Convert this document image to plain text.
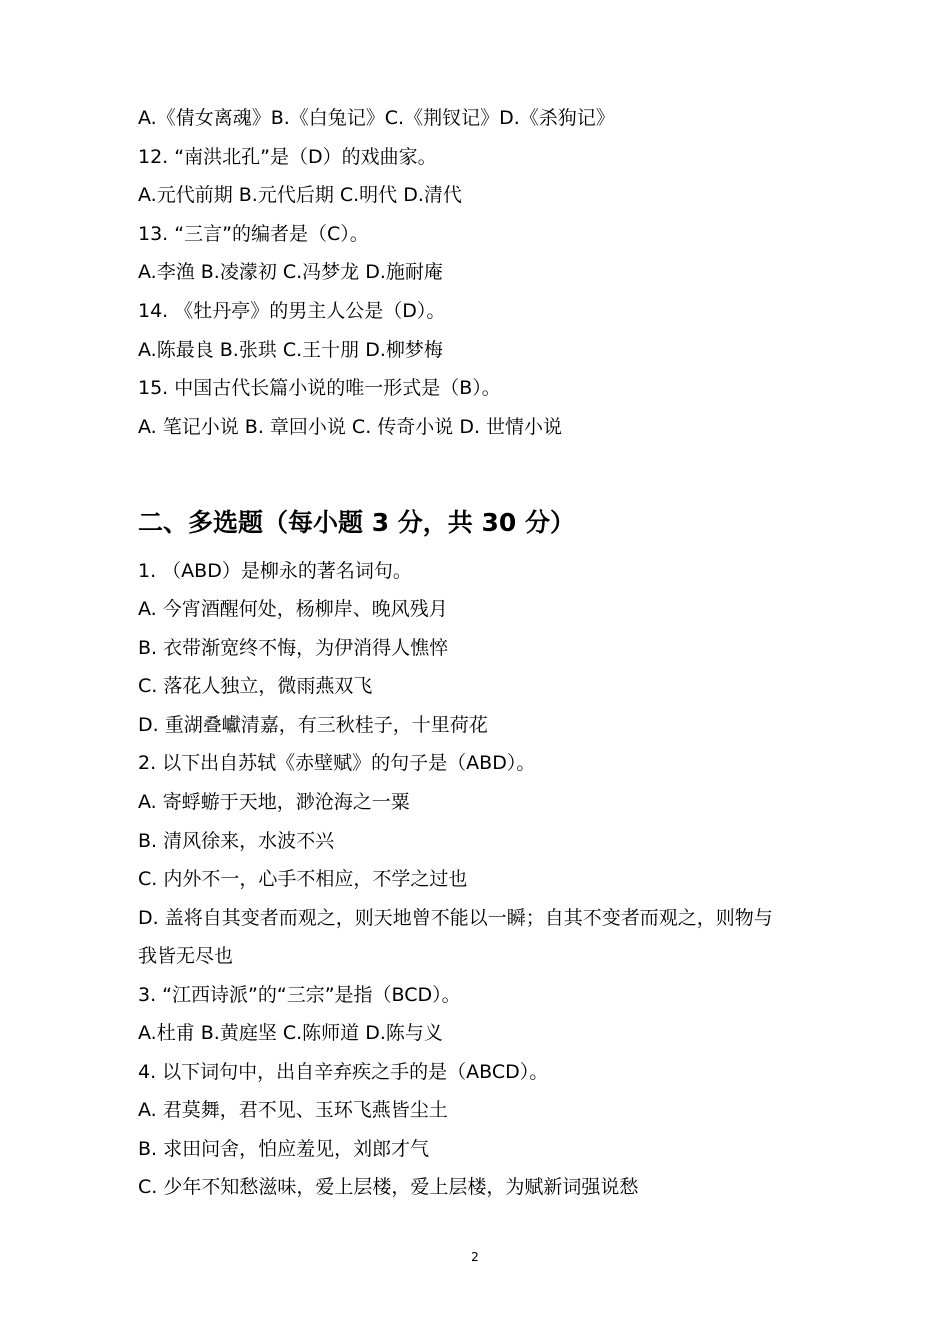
A.《倩女离魂》B.《白兔记》C.《荆钗记》D.《杀狗记》
12. “南洪北孔”是（D）的戏曲家。
A.元代前期 B.元代后期 C.明代 D.清代
13. “三言”的编者是（C）。
A.李渔 B.凌濛初 C.冯梦龙 D.施耐庵
14. 《牡丹亭》的男主人公是（D）。
A.陈最良 B.张珙 C.王十朋 D.柳梦梅
15. 中国古代长篇小说的唯一形式是（B）。
A. 笔记小说 B. 章回小说 C. 传奇小说 D. 世情小说
二、多选题（每小题 3 分，共 30 分）
1. （ABD）是柳永的著名词句。
A. 今宵酒醒何处，杨柳岸、晚风残月
B. 衣带渐宽终不悔，为伊消得人憔悴
C. 落花人独立，微雨燕双飞
D. 重湖叠巘清嘉，有三秋桂子，十里荷花
2. 以下出自苏轼《赤壁赋》的句子是（ABD）。
A. 寄蜉蝣于天地，渺沧海之一粟
B. 清风徐来，水波不兴
C. 内外不一，心手不相应，不学之过也
D. 盖将自其变者而观之，则天地曾不能以一瞬；自其不变者而观之，则物与
我皆无尽也
3. “江西诗派”的“三宗”是指（BCD）。
A.杜甫 B.黄庭坚 C.陈师道 D.陈与义
4. 以下词句中，出自辛弃疾之手的是（ABCD）。
A. 君莫舞，君不见、玉环飞燕皆尘土
B. 求田问舍，怕应羞见，刘郎才气
C. 少年不知愁滋味，爱上层楼，爱上层楼，为赋新词强说愁
2
